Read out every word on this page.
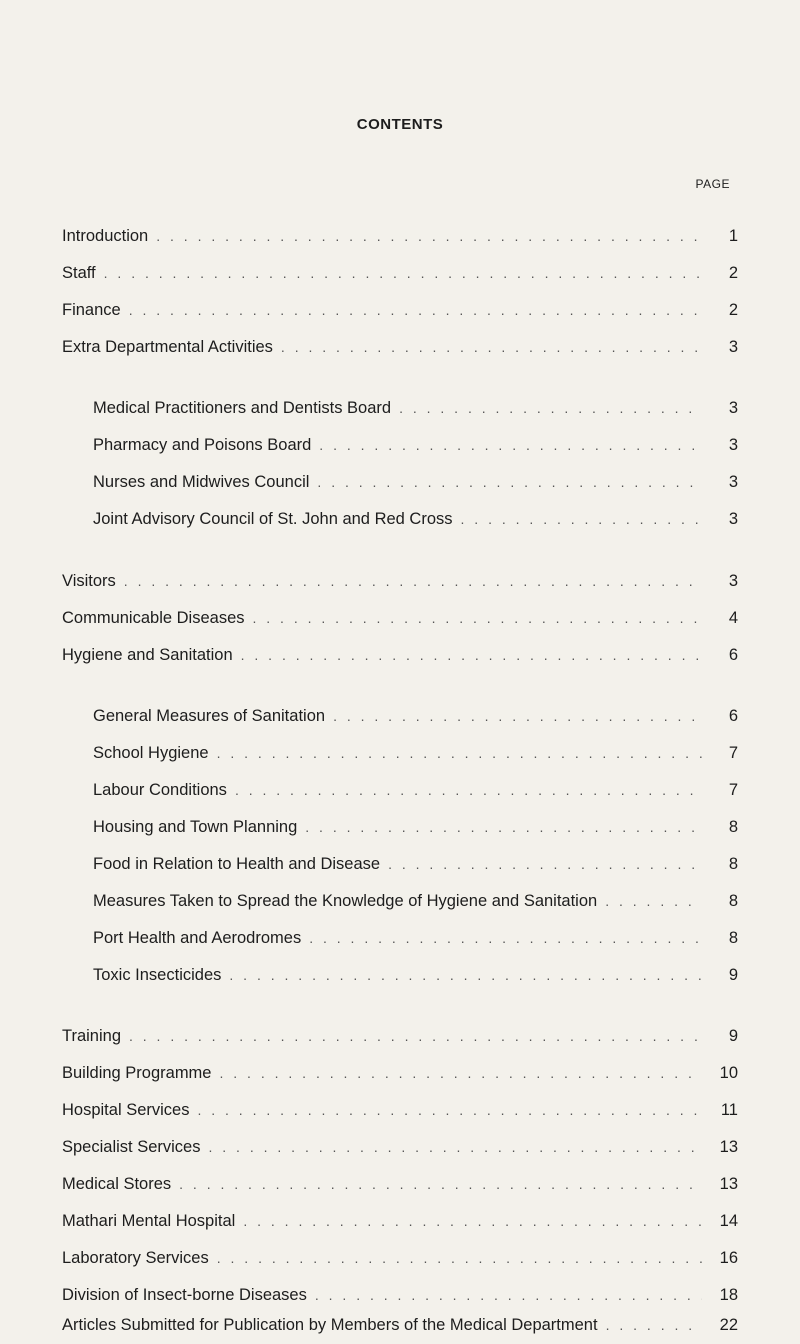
CONTENTS
PAGE
Introduction . . .	1
Staff . . .	2
Finance . . .	2
Extra Departmental Activities . . .	3
Medical Practitioners and Dentists Board . . .	3
Pharmacy and Poisons Board . . .	3
Nurses and Midwives Council . . .	3
Joint Advisory Council of St. John and Red Cross . . .	3
Visitors . . .	3
Communicable Diseases . . .	4
Hygiene and Sanitation . . .	6
General Measures of Sanitation . . .	6
School Hygiene . . .	7
Labour Conditions . . .	7
Housing and Town Planning . . .	8
Food in Relation to Health and Disease . . .	8
Measures Taken to Spread the Knowledge of Hygiene and Sanitation . . .	8
Port Health and Aerodromes . . .	8
Toxic Insecticides . . .	9
Training . . .	9
Building Programme . . .	10
Hospital Services . . .	11
Specialist Services . . .	13
Medical Stores . . .	13
Mathari Mental Hospital . . .	14
Laboratory Services . . .	16
Division of Insect-borne Diseases . . .	18
Articles Submitted for Publication by Members of the Medical Department . . .	22
